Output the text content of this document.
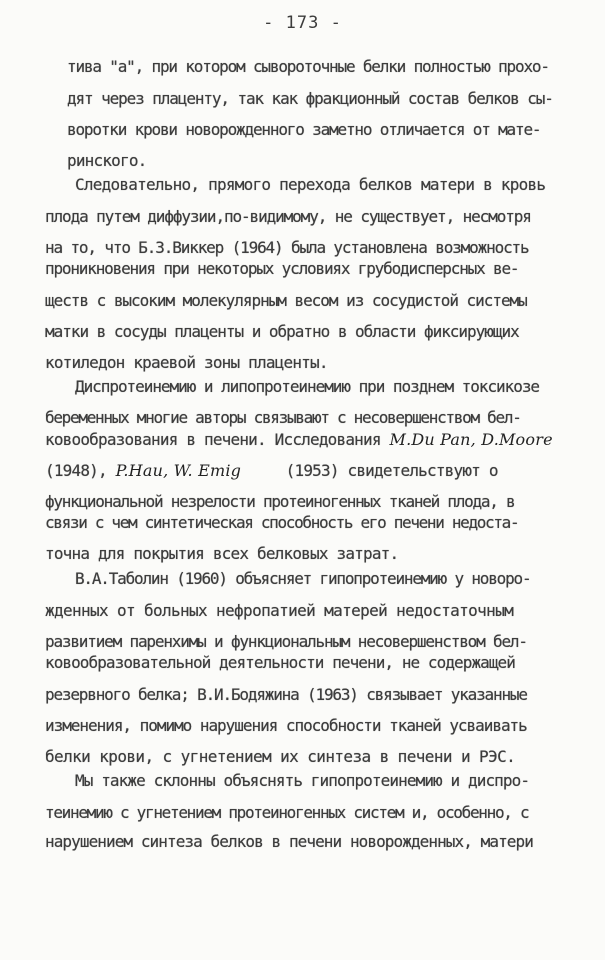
- 173 -
тива "а", при котором сывороточные белки полностью прохо-
дят через плаценту, так как фракционный состав белков сы-
воротки крови новорожденного заметно отличается от мате-
ринского.
Следовательно, прямого перехода белков матери в кровь
плода путем диффузии,по-видимому, не существует, несмотря
на то, что Б.З.Виккер (1964) была установлена возможность
проникновения при некоторых условиях грубодисперсных ве-
ществ с высоким молекулярным весом из сосудистой системы
матки в сосуды плаценты и обратно в области фиксирующих
котиледон краевой зоны плаценты.
Диспротеинемию и липопротеинемию при позднем токсикозе
беременных многие авторы связывают с несовершенством бел-
ковообразования в печени. Исследования M.Du Pan, D.Moore
(1948), P.Hau, W. Emig	(1953) свидетельствуют о
функциональной незрелости протеиногенных тканей плода, в
связи с чем синтетическая способность его печени недоста-
точна для покрытия всех белковых затрат.
В.А.Таболин (1960) объясняет гипопротеинемию у новоро-
жденных от больных нефропатией матерей недостаточным
развитием паренхимы и функциональным несовершенством бел-
ковообразовательной деятельности печени, не содержащей
резервного белка; В.И.Бодяжина (1963) связывает указанные
изменения, помимо нарушения способности тканей усваивать
белки крови, с угнетением их синтеза в печени и РЭС.
Мы также склонны объяснять гипопротеинемию и диспро-
теинемию с угнетением протеиногенных систем и, особенно, с
нарушением синтеза белков в печени новорожденных, матери
